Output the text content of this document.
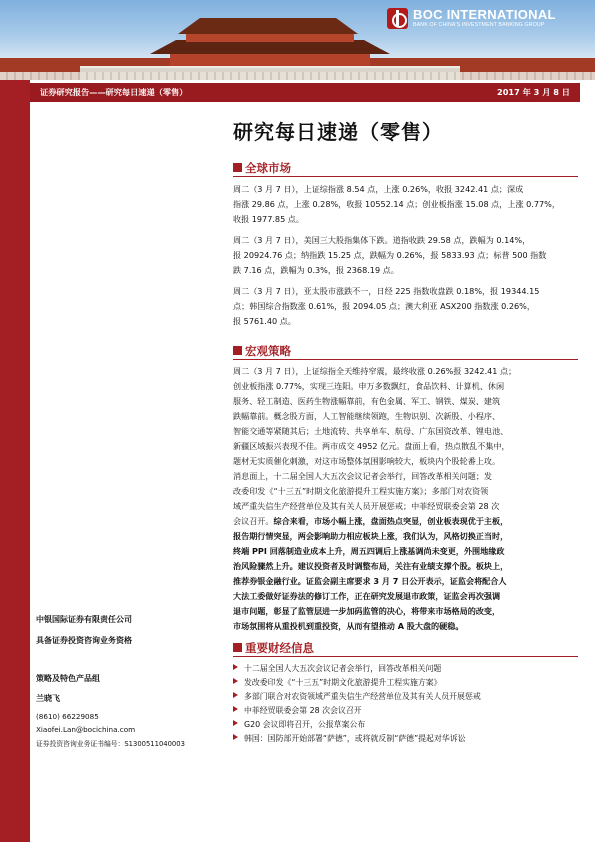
BOC INTERNATIONAL
BANK OF CHINA'S INVESTMENT BANKING GROUP
证券研究报告——研究每日速递（零售）	2017 年 3 月 8 日
研究每日速递（零售）
全球市场
周二（3 月 7 日），上证综指涨 8.54 点，上涨 0.26%，收报 3242.41 点；深成
指涨 29.86 点，上涨 0.28%，收报 10552.14 点；创业板指涨 15.08 点，上涨 0.77%，
收报 1977.85 点。
周二（3 月 7 日），美国三大股指集体下跌。道指收跌 29.58 点，跌幅为 0.14%，
报 20924.76 点；纳指跌 15.25 点，跌幅为 0.26%，报 5833.93 点；标普 500 指数
跌 7.16 点，跌幅为 0.3%，报 2368.19 点。
周二（3 月 7 日），亚太股市涨跌不一，日经 225 指数收盘跌 0.18%，报 19344.15
点；韩国综合指数涨 0.61%，报 2094.05 点；澳大利亚 ASX200 指数涨 0.26%，
报 5761.40 点。
宏观策略
周二（3 月 7 日），上证综指全天维持窄震，最终收涨 0.26%报 3242.41 点；
创业板指涨 0.77%，实现三连阳。申万多数飘红，食品饮料、计算机、休闲
服务、轻工制造、医药生物涨幅靠前，有色金属、军工、钢铁、煤炭、建筑
跌幅靠前。概念股方面，人工智能继续领跑，生物识别、次新股、小程序、
智能交通等紧随其后；土地流转、共享单车、航母、广东国资改革、锂电池、
新疆区域振兴表现不佳。两市成交 4952 亿元。盘面上看，热点散乱不集中，
题材无实质催化刺激，对这市场整体氛围影响较大，板块内个股轮番上攻。
消息面上，十二届全国人大五次会议记者会举行，回答改革相关问题；发
改委印发《“十三五”时期文化旅游提升工程实施方案》；多部门对农资领
域严重失信生产经营单位及其有关人员开展惩戒；中菲经贸联委会第 28 次
会议召开。综合来看，市场小幅上涨，盘面热点突显，创业板表现优于主板，
报告期行情突显，两会影响助力相应板块上涨，我们认为，风格切换正当时，
终端 PPI 回落制造业成本上升，周五四调后上涨基调尚未变更，外围地缘政
治风险骤然上升。建议投资者及时调整布局，关注有业绩支撑个股。板块上，
推荐券银金融行业。证监会副主席要求 3 月 7 日公开表示，证监会将配合人
大法工委做好证券法的修订工作，正在研究发展退市政策，证监会再次强调
退市问题，彰显了监管层进一步加码监管的决心，将带来市场格局的改变，
市场氛围将从重投机到重投资，从而有望推动 A 股大盘的硬稳。
重要财经信息
十二届全国人大五次会议记者会举行，回答改革相关问题
发改委印发《“十三五”时期文化旅游提升工程实施方案》
多部门联合对农资领域严重失信生产经营单位及其有关人员开展惩戒
中菲经贸联委会第 28 次会议召开
G20 会议即将召开，公报草案公布
韩国：国防部开始部署“萨德”，或将就反制“萨德”提起对华诉讼
中银国际证券有限责任公司
具备证券投资咨询业务资格
策略及特色产品组
兰晓飞
(8610) 66229085
Xiaofei.Lan@bocichina.com
证券投资咨询业务证书编号：S1300511040003
